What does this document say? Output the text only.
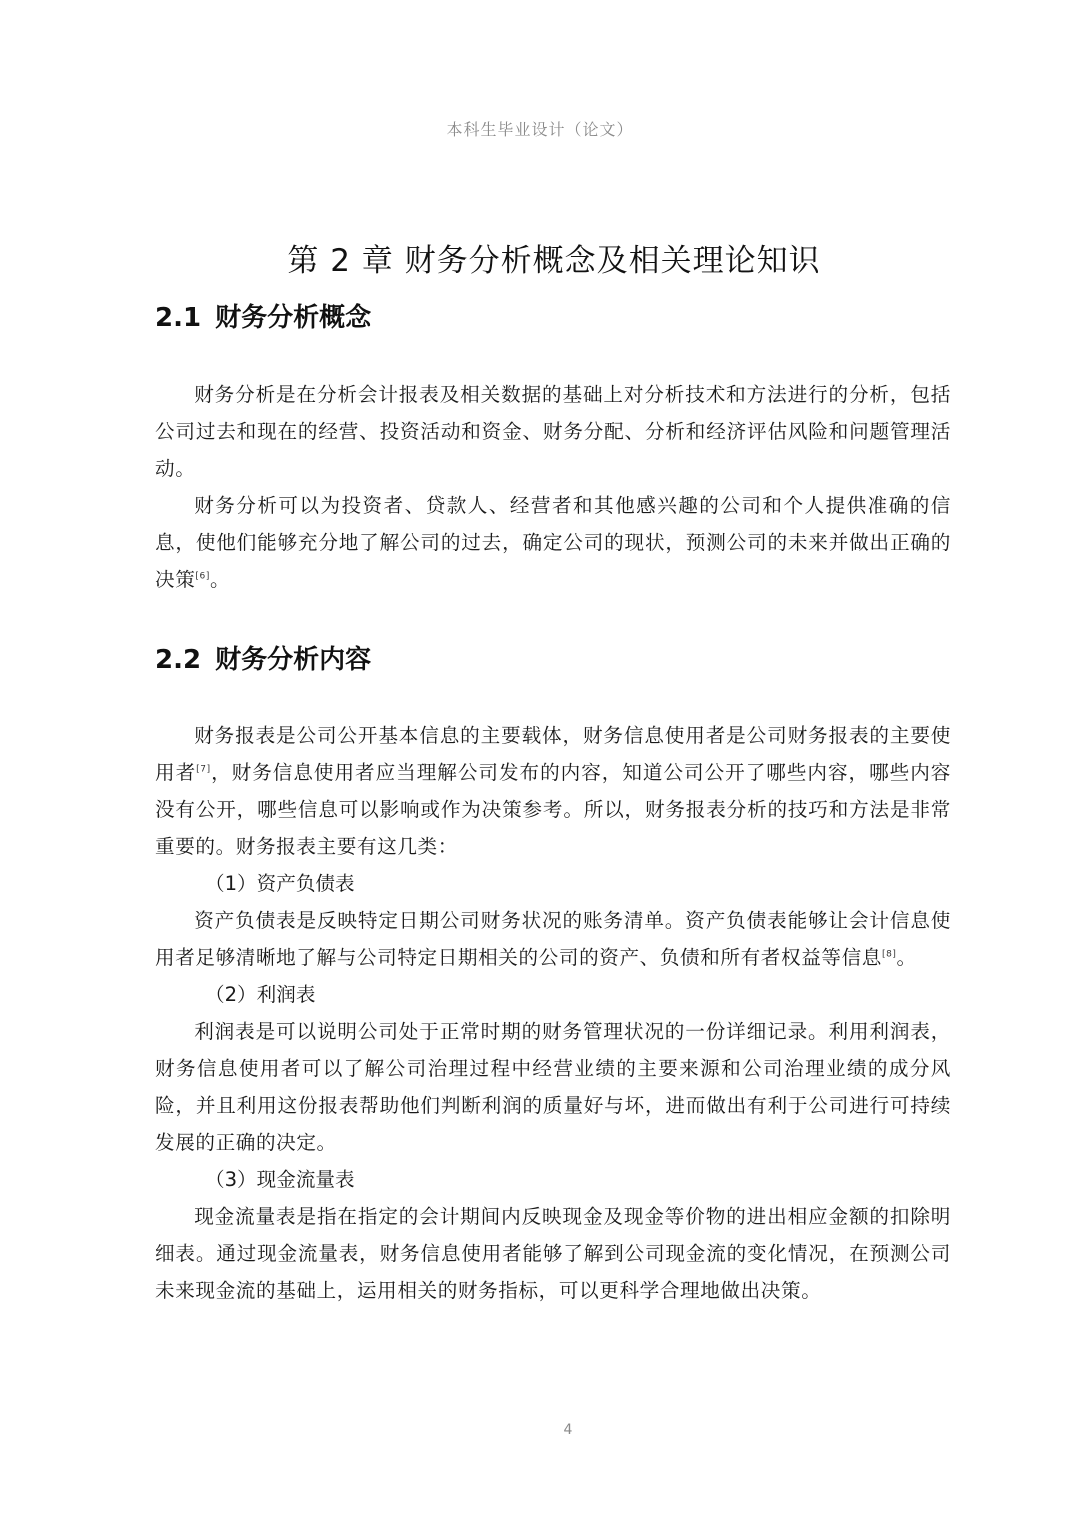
本科生毕业设计（论文）
第 2 章 财务分析概念及相关理论知识
2.1 财务分析概念

财务分析是在分析会计报表及相关数据的基础上对分析技术和方法进行的分析，包括公司过去和现在的经营、投资活动和资金、财务分配、分析和经济评估风险和问题管理活动。

财务分析可以为投资者、贷款人、经营者和其他感兴趣的公司和个人提供准确的信息，使他们能够充分地了解公司的过去，确定公司的现状，预测公司的未来并做出正确的决策[6]。

2.2 财务分析内容

财务报表是公司公开基本信息的主要载体，财务信息使用者是公司财务报表的主要使用者[7]，财务信息使用者应当理解公司发布的内容，知道公司公开了哪些内容，哪些内容没有公开，哪些信息可以影响或作为决策参考。所以，财务报表分析的技巧和方法是非常重要的。财务报表主要有这几类：

（1）资产负债表

资产负债表是反映特定日期公司财务状况的账务清单。资产负债表能够让会计信息使用者足够清晰地了解与公司特定日期相关的公司的资产、负债和所有者权益等信息[8]。

（2）利润表

利润表是可以说明公司处于正常时期的财务管理状况的一份详细记录。利用利润表，财务信息使用者可以了解公司治理过程中经营业绩的主要来源和公司治理业绩的成分风险，并且利用这份报表帮助他们判断利润的质量好与坏，进而做出有利于公司进行可持续发展的正确的决定。

（3）现金流量表

现金流量表是指在指定的会计期间内反映现金及现金等价物的进出相应金额的扣除明细表。通过现金流量表，财务信息使用者能够了解到公司现金流的变化情况，在预测公司未来现金流的基础上，运用相关的财务指标，可以更科学合理地做出决策。

4
